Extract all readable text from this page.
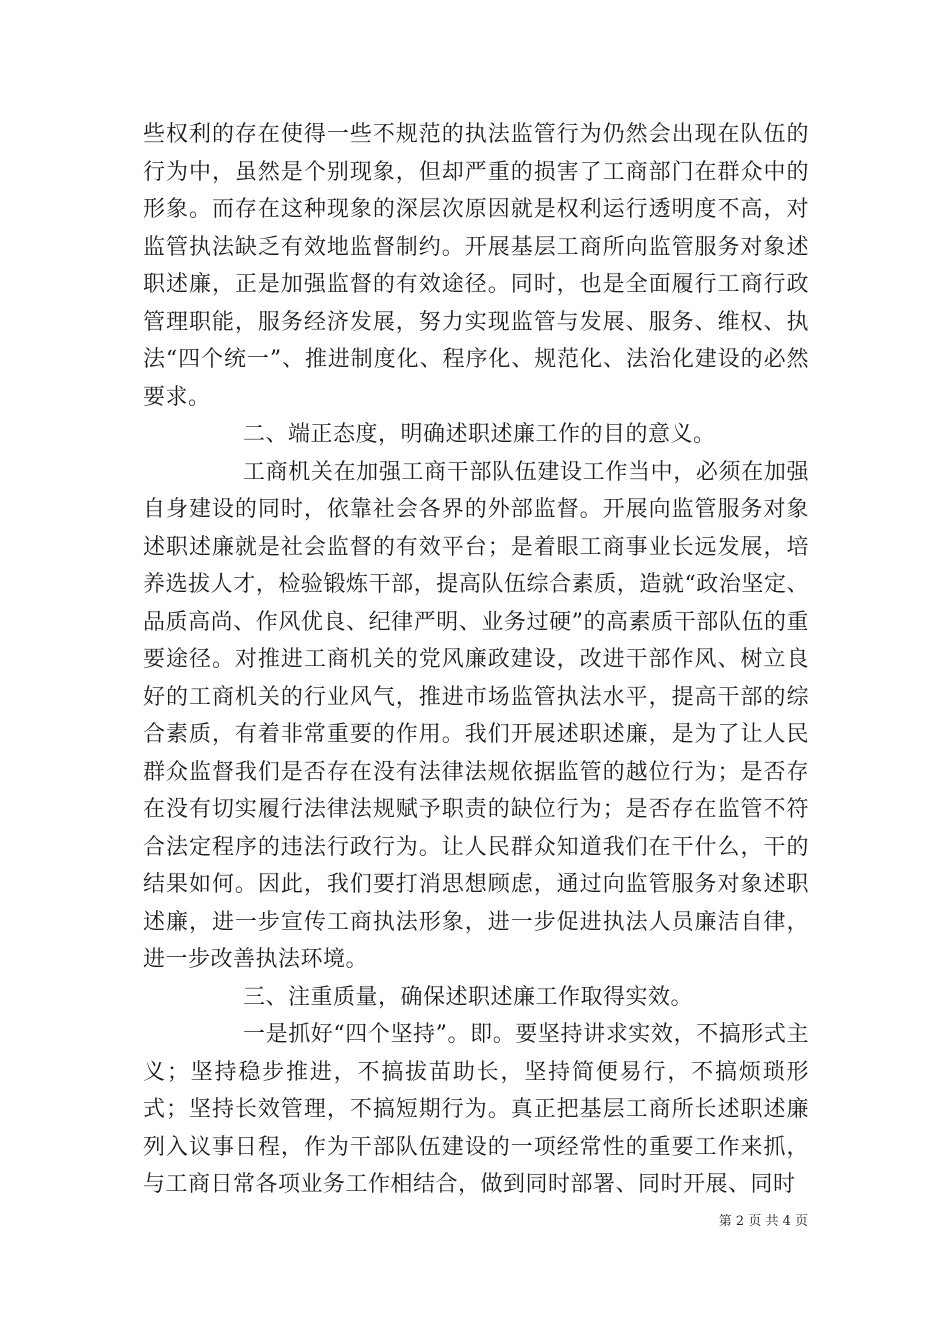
些权利的存在使得一些不规范的执法监管行为仍然会出现在队伍的行为中，虽然是个别现象，但却严重的损害了工商部门在群众中的形象。而存在这种现象的深层次原因就是权利运行透明度不高，对监管执法缺乏有效地监督制约。开展基层工商所向监管服务对象述职述廉，正是加强监督的有效途径。同时，也是全面履行工商行政管理职能，服务经济发展，努力实现监管与发展、服务、维权、执法“四个统一”、推进制度化、程序化、规范化、法治化建设的必然要求。

二、端正态度，明确述职述廉工作的目的意义。

工商机关在加强工商干部队伍建设工作当中，必须在加强自身建设的同时，依靠社会各界的外部监督。开展向监管服务对象述职述廉就是社会监督的有效平台；是着眼工商事业长远发展，培养选拔人才，检验锻炼干部，提高队伍综合素质，造就“政治坚定、品质高尚、作风优良、纪律严明、业务过硬”的高素质干部队伍的重要途径。对推进工商机关的党风廉政建设，改进干部作风、树立良好的工商机关的行业风气，推进市场监管执法水平，提高干部的综合素质，有着非常重要的作用。我们开展述职述廉，是为了让人民群众监督我们是否存在没有法律法规依据监管的越位行为；是否存在没有切实履行法律法规赋予职责的缺位行为；是否存在监管不符合法定程序的违法行政行为。让人民群众知道我们在干什么，干的结果如何。因此，我们要打消思想顾虑，通过向监管服务对象述职述廉，进一步宣传工商执法形象，进一步促进执法人员廉洁自律，进一步改善执法环境。

三、注重质量，确保述职述廉工作取得实效。

一是抓好“四个坚持”。即。要坚持讲求实效，不搞形式主义；坚持稳步推进，不搞拔苗助长，坚持简便易行，不搞烦琐形式；坚持长效管理，不搞短期行为。真正把基层工商所长述职述廉列入议事日程，作为干部队伍建设的一项经常性的重要工作来抓，与工商日常各项业务工作相结合，做到同时部署、同时开展、同时

第 2 页 共 4 页
